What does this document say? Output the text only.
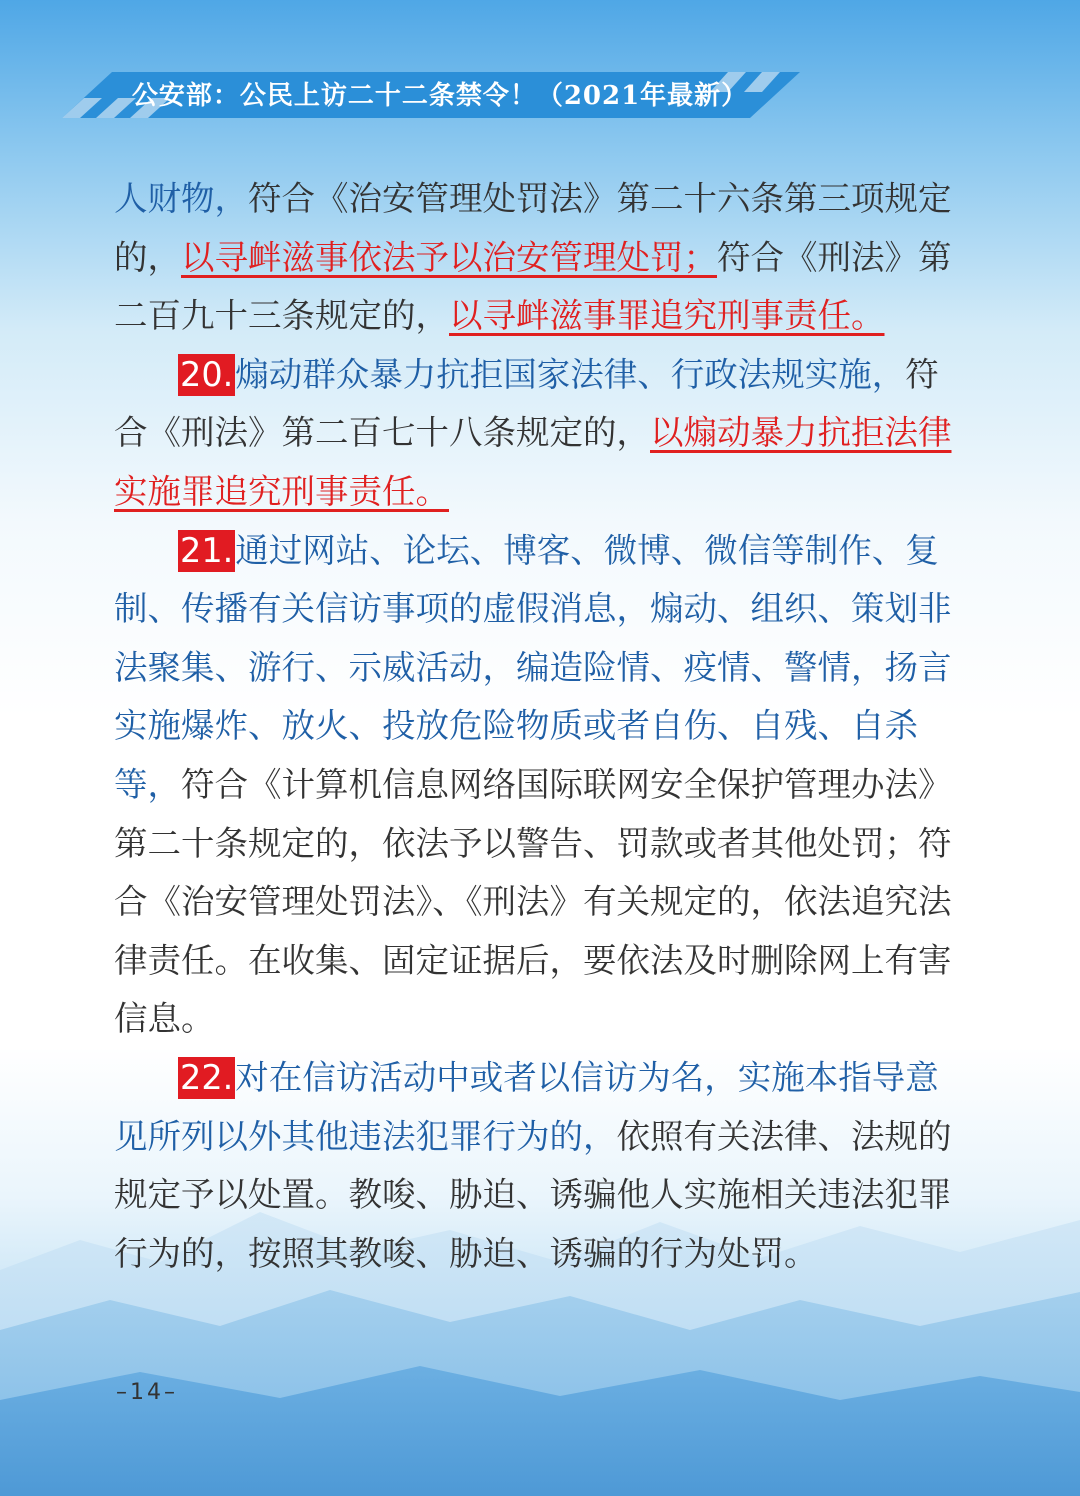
公安部：公民上访二十二条禁令！（2021年最新）

人财物，符合《治安管理处罚法》第二十六条第三项规定的，以寻衅滋事依法予以治安管理处罚；符合《刑法》第二百九十三条规定的，以寻衅滋事罪追究刑事责任。

20.煽动群众暴力抗拒国家法律、行政法规实施，符合《刑法》第二百七十八条规定的，以煽动暴力抗拒法律实施罪追究刑事责任。

21.通过网站、论坛、博客、微博、微信等制作、复制、传播有关信访事项的虚假消息，煽动、组织、策划非法聚集、游行、示威活动，编造险情、疫情、警情，扬言实施爆炸、放火、投放危险物质或者自伤、自残、自杀等，符合《计算机信息网络国际联网安全保护管理办法》第二十条规定的，依法予以警告、罚款或者其他处罚；符合《治安管理处罚法》、《刑法》有关规定的，依法追究法律责任。在收集、固定证据后，要依法及时删除网上有害信息。

22.对在信访活动中或者以信访为名，实施本指导意见所列以外其他违法犯罪行为的，依照有关法律、法规的规定予以处置。教唆、胁迫、诱骗他人实施相关违法犯罪行为的，按照其教唆、胁迫、诱骗的行为处罚。

–14–
